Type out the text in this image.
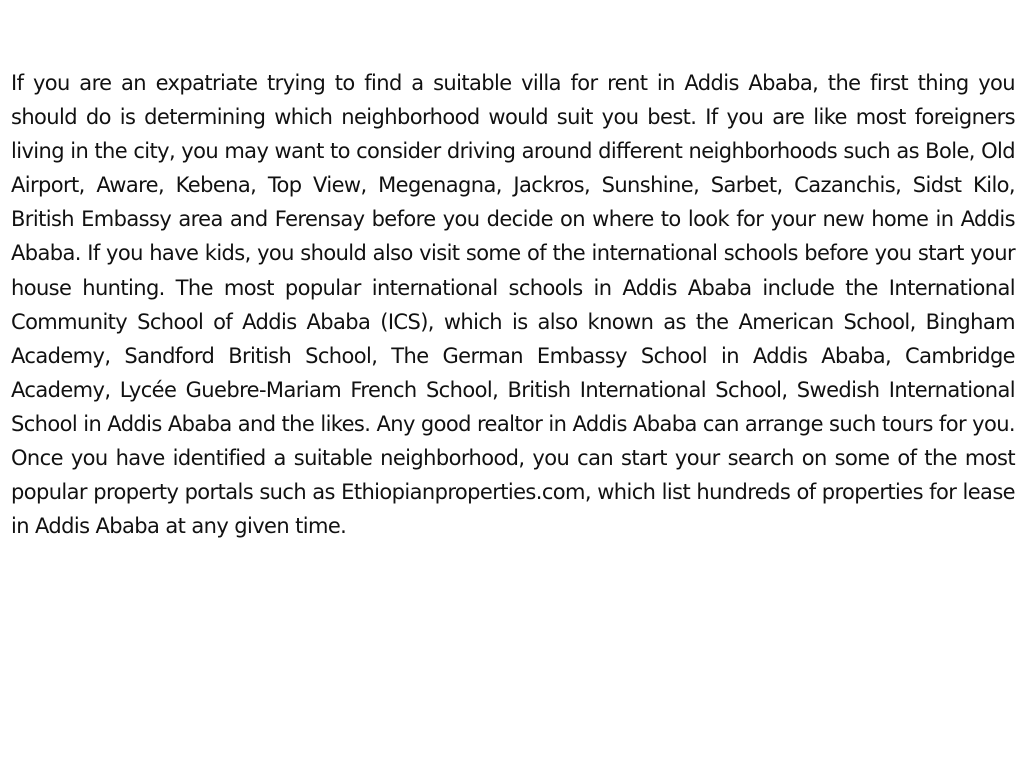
If you are an expatriate trying to find a suitable villa for rent in Addis Ababa, the first thing you should do is determining which neighborhood would suit you best. If you are like most foreigners living in the city, you may want to consider driving around different neighborhoods such as Bole, Old Airport, Aware, Kebena, Top View, Megenagna, Jackros, Sunshine, Sarbet, Cazanchis, Sidst Kilo, British Embassy area and Ferensay before you decide on where to look for your new home in Addis Ababa. If you have kids, you should also visit some of the international schools before you start your house hunting. The most popular international schools in Addis Ababa include the International Community School of Addis Ababa (ICS), which is also known as the American School, Bingham Academy, Sandford British School, The German Embassy School in Addis Ababa, Cambridge Academy, Lycée Guebre-Mariam French School, British International School, Swedish International School in Addis Ababa and the likes. Any good realtor in Addis Ababa can arrange such tours for you. Once you have identified a suitable neighborhood, you can start your search on some of the most popular property portals such as Ethiopianproperties.com, which list hundreds of properties for lease in Addis Ababa at any given time.
